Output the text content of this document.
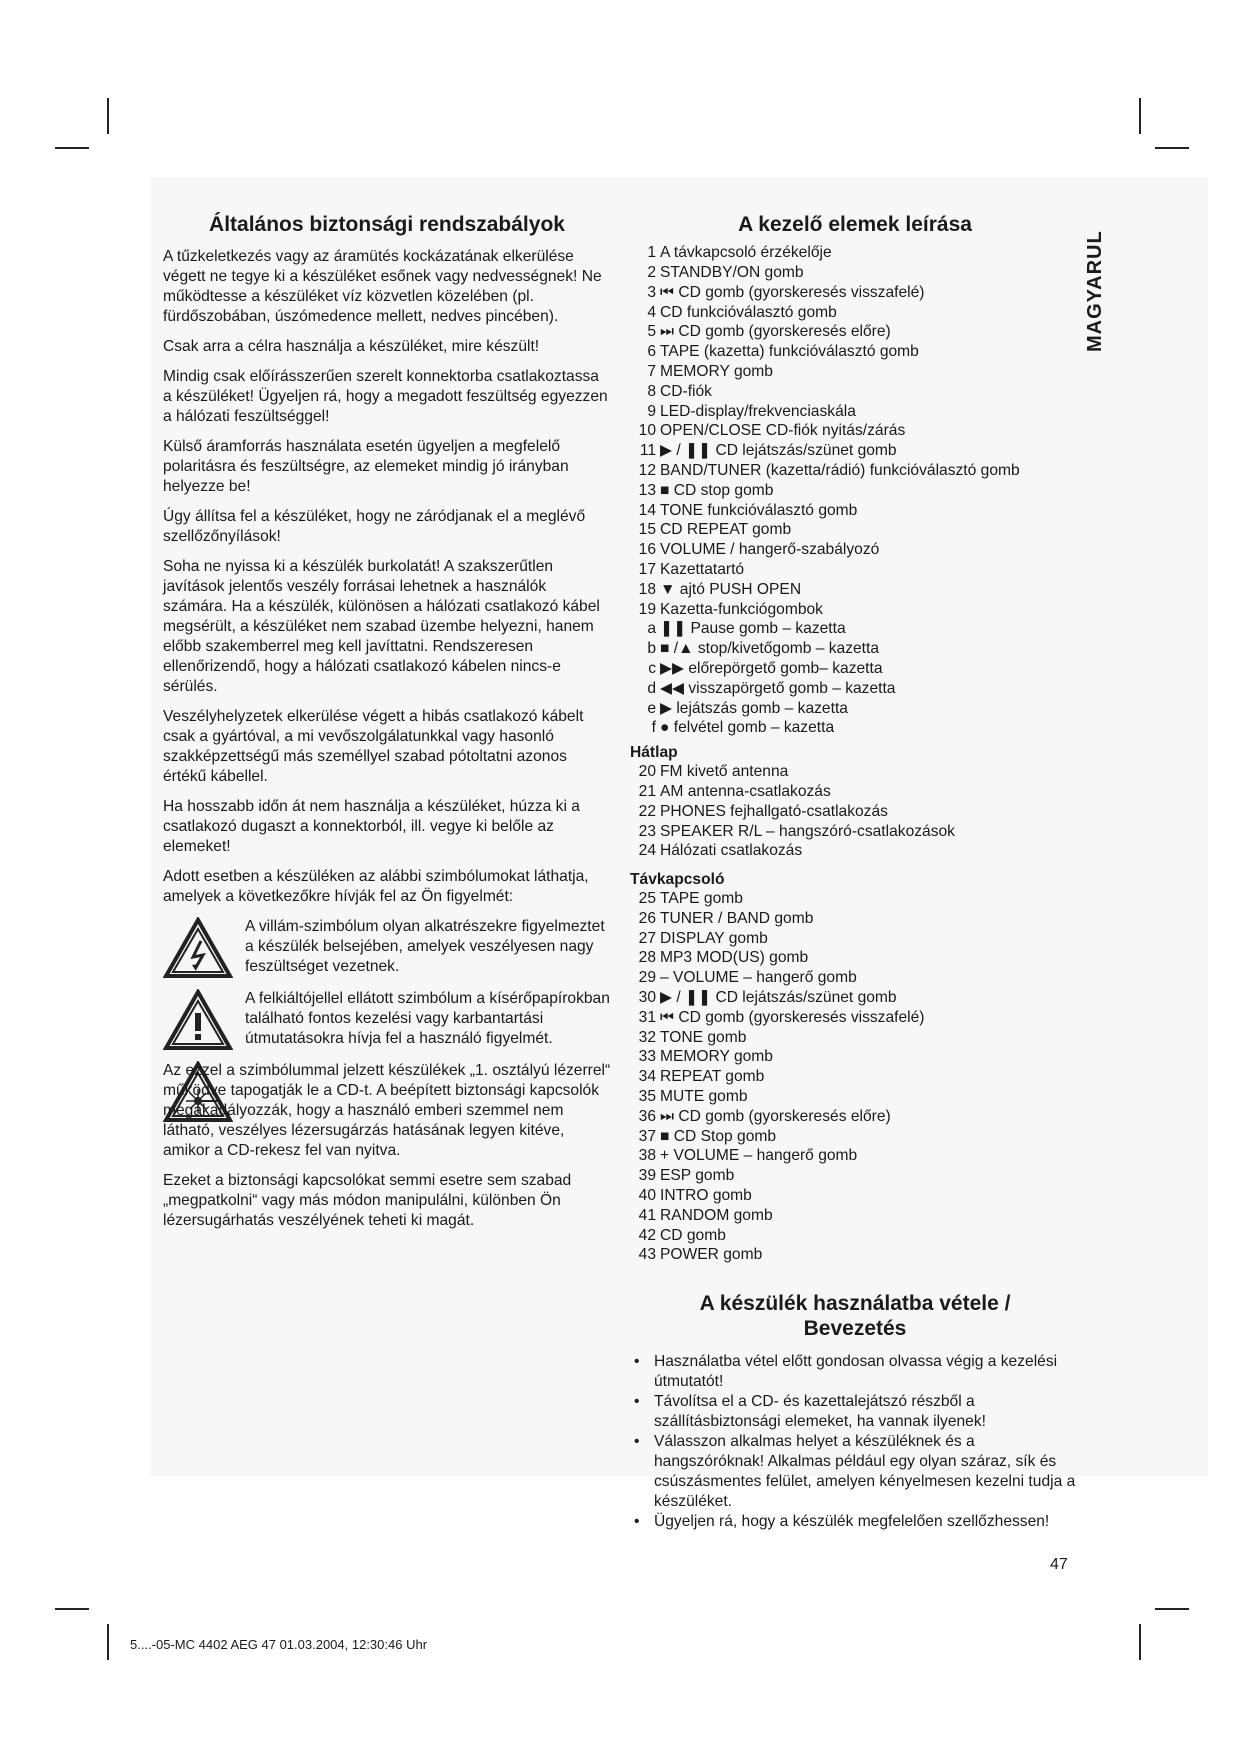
Általános biztonsági rendszabályok

A tűzkeletkezés vagy az áramütés kockázatának elkerülése végett ne tegye ki a készüléket esőnek vagy nedvességnek! Ne működtesse a készüléket víz közvetlen közelében (pl. fürdőszobában, úszómedence mellett, nedves pincében).

Csak arra a célra használja a készüléket, mire készült!

Mindig csak előírásszerűen szerelt konnektorba csatlakoztassa a készüléket! Ügyeljen rá, hogy a megadott feszültség egyezzen a hálózati feszültséggel!

Külső áramforrás használata esetén ügyeljen a megfelelő polaritásra és feszültségre, az elemeket mindig jó irányban helyezze be!

Úgy állítsa fel a készüléket, hogy ne záródjanak el a meglévő szellőzőnyílások!

Soha ne nyissa ki a készülék burkolatát! A szakszerűtlen javítások jelentős veszély forrásai lehetnek a használók számára. Ha a készülék, különösen a hálózati csatlakozó kábel megsérült, a készüléket nem szabad üzembe helyezni, hanem előbb szakemberrel meg kell javíttatni. Rendszeresen ellenőrizendő, hogy a hálózati csatlakozó kábelen nincs-e sérülés.

Veszélyhelyzetek elkerülése végett a hibás csatlakozó kábelt csak a gyártóval, a mi vevőszolgálatunkkal vagy hasonló szakképzettségű más személlyel szabad pótoltatni azonos értékű kábellel.

Ha hosszabb időn át nem használja a készüléket, húzza ki a csatlakozó dugaszt a konnektorból, ill. vegye ki belőle az elemeket!

Adott esetben a készüléken az alábbi szimbólumokat láthatja, amelyek a következőkre hívják fel az Ön figyelmét:

A villám-szimbólum olyan alkatrészekre figyelmeztet a készülék belsejében, amelyek veszélyesen nagy feszültséget vezetnek.

A felkiáltójellel ellátott szimbólum a kísérőpapírokban található fontos kezelési vagy karbantartási útmutatásokra hívja fel a használó figyelmét.

Az ezzel a szimbólummal jelzett készülékek „1. osztályú lézerrel“ működve tapogatják le a CD-t. A beépített biztonsági kapcsolók megakadályozzák, hogy a használó emberi szemmel nem látható, veszélyes lézersugárzás hatásának legyen kitéve, amikor a CD-rekesz fel van nyitva.

Ezeket a biztonsági kapcsolókat semmi esetre sem szabad „megpatkolni“ vagy más módon manipulálni, különben Ön lézersugárhatás veszélyének teheti ki magát.

A kezelő elemek leírása
1 A távkapcsoló érzékelője
2 STANDBY/ON gomb
3 ⏮ CD gomb (gyorskeresés visszafelé)
4 CD funkcióválasztó gomb
5 ⏭ CD gomb (gyorskeresés előre)
6 TAPE (kazetta) funkcióválasztó gomb
7 MEMORY gomb
8 CD-fiók
9 LED-display/frekvenciaskála
10 OPEN/CLOSE CD-fiók nyitás/zárás
11 ▶ / ❚❚ CD lejátszás/szünet gomb
12 BAND/TUNER (kazetta/rádió) funkcióválasztó gomb
13 ■ CD stop gomb
14 TONE funkcióválasztó gomb
15 CD REPEAT gomb
16 VOLUME / hangerő-szabályozó
17 Kazettatartó
18 ▼ ajtó PUSH OPEN
19 Kazetta-funkciógombok
a ❚❚ Pause gomb – kazetta
b ■ /▲ stop/kivetőgomb – kazetta
c ▶▶ előrepörgető gomb– kazetta
d ◀◀ visszapörgető gomb – kazetta
e ▶ lejátszás gomb – kazetta
f ● felvétel gomb – kazetta
Hátlap
20 FM kivető antenna
21 AM antenna-csatlakozás
22 PHONES fejhallgató-csatlakozás
23 SPEAKER R/L – hangszóró-csatlakozások
24 Hálózati csatlakozás
Távkapcsoló
25 TAPE gomb
26 TUNER / BAND gomb
27 DISPLAY gomb
28 MP3 MOD(US) gomb
29 – VOLUME – hangerő gomb
30 ▶ / ❚❚ CD lejátszás/szünet gomb
31 ⏮ CD gomb (gyorskeresés visszafelé)
32 TONE gomb
33 MEMORY gomb
34 REPEAT gomb
35 MUTE gomb
36 ⏭ CD gomb (gyorskeresés előre)
37 ■ CD Stop gomb
38 + VOLUME – hangerő gomb
39 ESP gomb
40 INTRO gomb
41 RANDOM gomb
42 CD gomb
43 POWER gomb
A készülék használatba vétele / Bevezetés
• Használatba vétel előtt gondosan olvassa végig a kezelési útmutatót!
• Távolítsa el a CD- és kazettalejátszó részből a szállításbiztonsági elemeket, ha vannak ilyenek!
• Válasszon alkalmas helyet a készüléknek és a hangszóróknak! Alkalmas például egy olyan száraz, sík és csúszásmentes felület, amelyen kényelmesen kezelni tudja a készüléket.
• Ügyeljen rá, hogy a készülék megfelelően szellőzhessen!
MAGYARUL
47
5....-05-MC 4402 AEG 47 01.03.2004, 12:30:46 Uhr
